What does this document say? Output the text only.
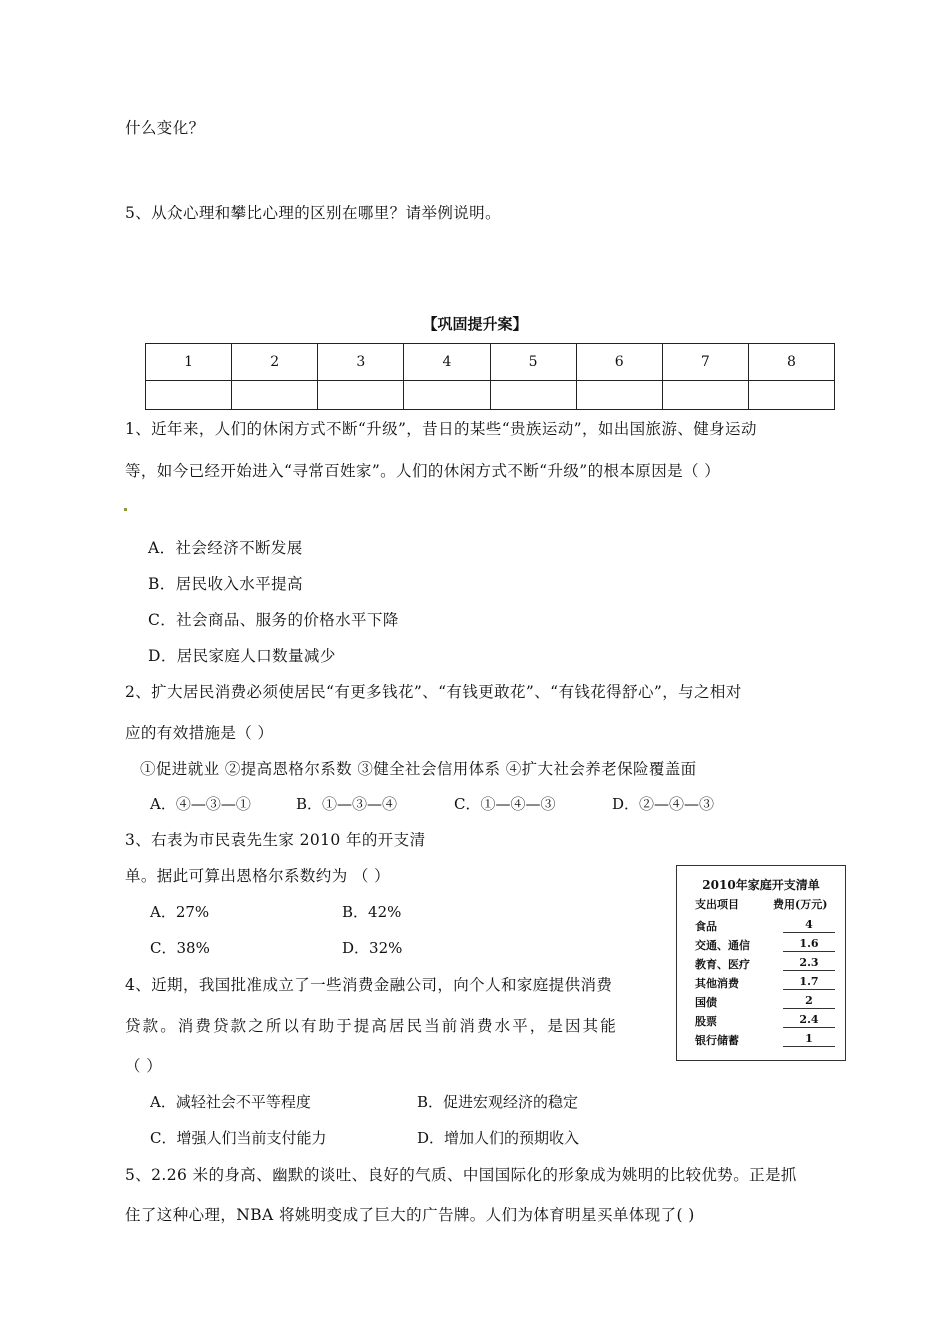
什么变化？
5、从众心理和攀比心理的区别在哪里？请举例说明。
【巩固提升案】
1	2	3	4	5	6	7	8

1、近年来，人们的休闲方式不断“升级”，昔日的某些“贵族运动”，如出国旅游、健身运动
等，如今已经开始进入“寻常百姓家”。人们的休闲方式不断“升级”的根本原因是（ ）
A．社会经济不断发展
B．居民收入水平提高
C．社会商品、服务的价格水平下降
D．居民家庭人口数量减少
2、扩大居民消费必须使居民“有更多钱花”、“有钱更敢花”、“有钱花得舒心”，与之相对
应的有效措施是（ ）
①促进就业 ②提高恩格尔系数 ③健全社会信用体系 ④扩大社会养老保险覆盖面
A．④—③—①	B．①—③—④	C．①—④—③	D．②—④—③
3、右表为市民袁先生家 2010 年的开支清
单。据此可算出恩格尔系数约为 （ ）
A．27%	B．42%
C．38%	D．32%
2010年家庭开支清单
支出项目	费用(万元)
食品	4
交通、通信	1.6
教育、医疗	2.3
其他消费	1.7
国债	2
股票	2.4
银行储蓄	1
4、近期，我国批准成立了一些消费金融公司，向个人和家庭提供消费
贷款。消费贷款之所以有助于提高居民当前消费水平，是因其能
（ ）
A．减轻社会不平等程度	B．促进宏观经济的稳定
C．增强人们当前支付能力	D．增加人们的预期收入
5、2.26 米的身高、幽默的谈吐、良好的气质、中国国际化的形象成为姚明的比较优势。正是抓
住了这种心理，NBA 将姚明变成了巨大的广告牌。人们为体育明星买单体现了( )
